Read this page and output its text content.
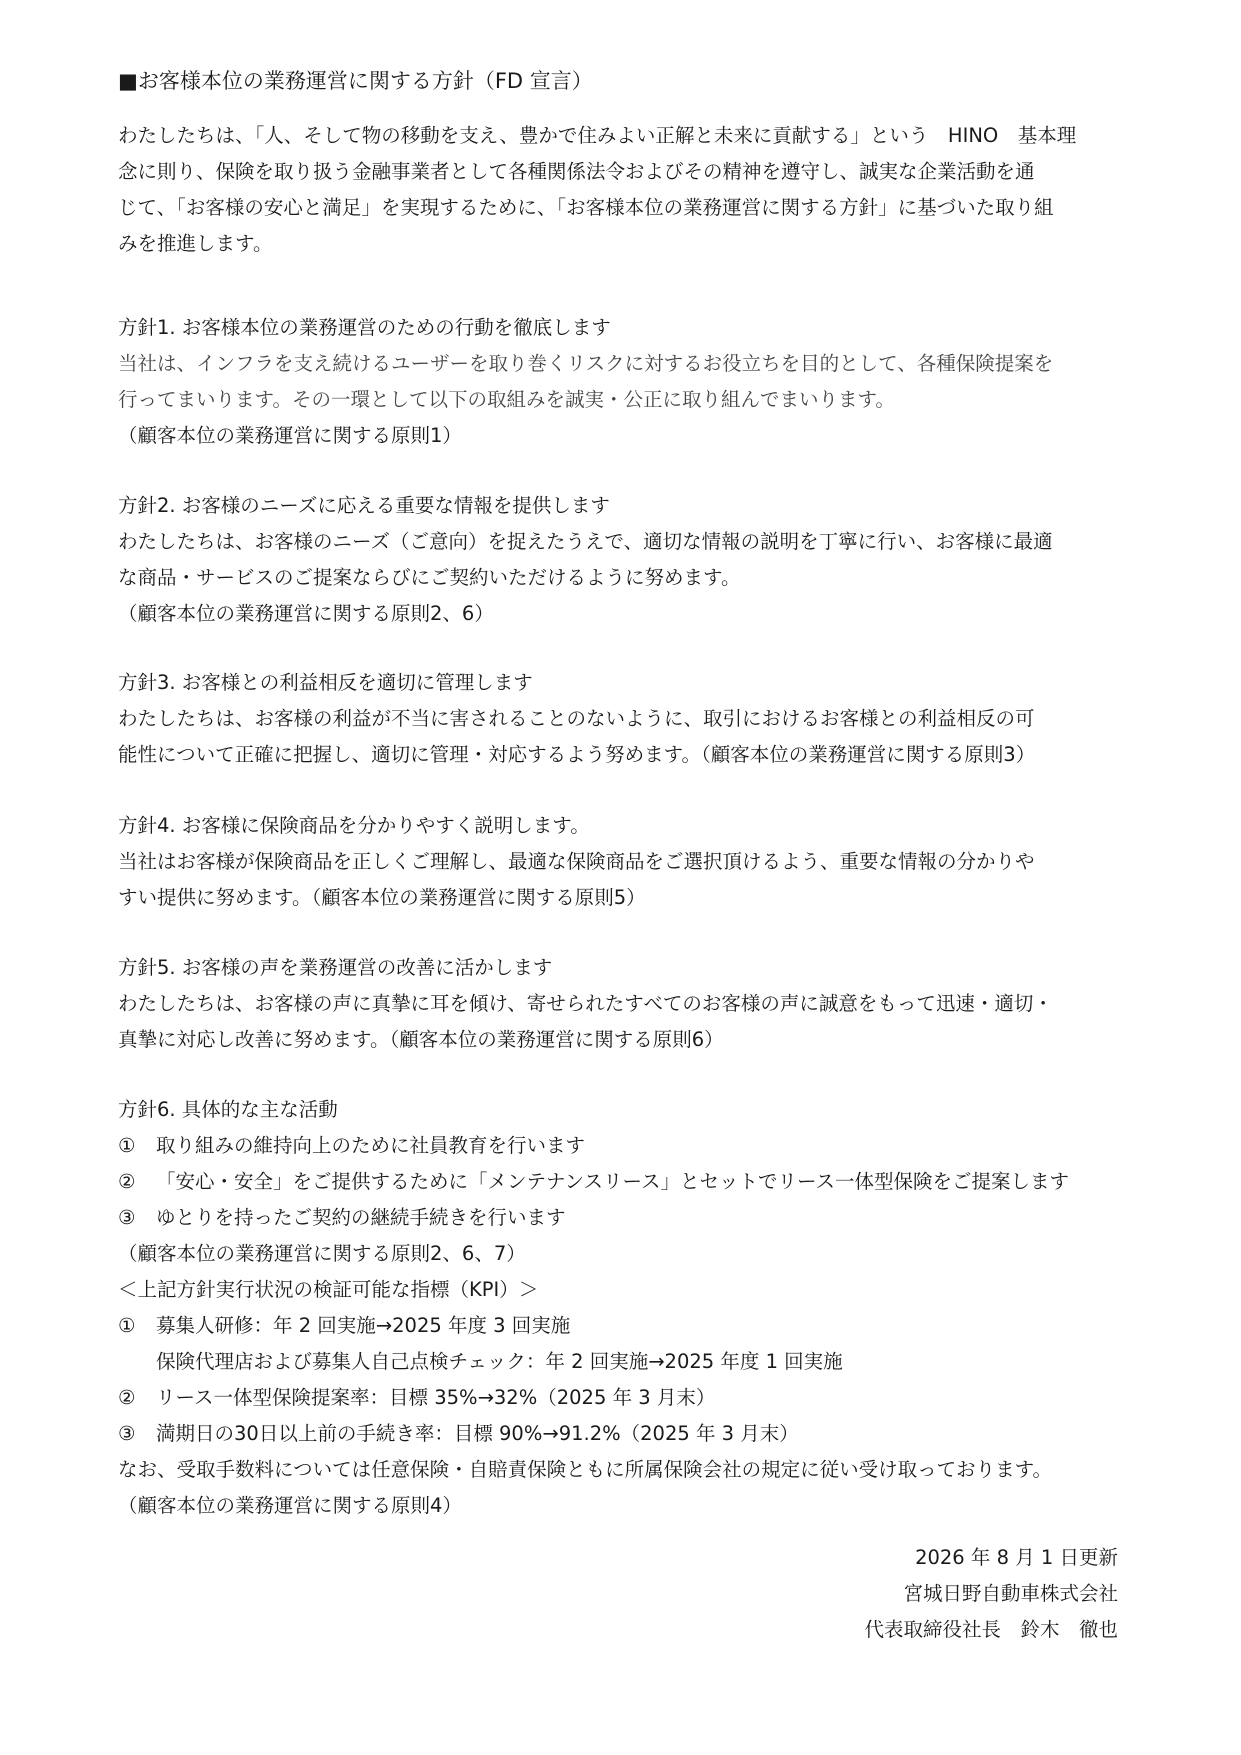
■お客様本位の業務運営に関する方針（FD 宣言）
わたしたちは、「人、そして物の移動を支え、豊かで住みよい正解と未来に貢献する」という　HINO　基本理
念に則り、保険を取り扱う金融事業者として各種関係法令およびその精神を遵守し、誠実な企業活動を通
じて、「お客様の安心と満足」を実現するために、「お客様本位の業務運営に関する方針」に基づいた取り組
みを推進します。
方針1. お客様本位の業務運営のための行動を徹底します
当社は、インフラを支え続けるユーザーを取り巻くリスクに対するお役立ちを目的として、各種保険提案を
行ってまいります。その一環として以下の取組みを誠実・公正に取り組んでまいります。
（顧客本位の業務運営に関する原則1）
方針2. お客様のニーズに応える重要な情報を提供します
わたしたちは、お客様のニーズ（ご意向）を捉えたうえで、適切な情報の説明を丁寧に行い、お客様に最適
な商品・サービスのご提案ならびにご契約いただけるように努めます。
（顧客本位の業務運営に関する原則2、6）
方針3. お客様との利益相反を適切に管理します
わたしたちは、お客様の利益が不当に害されることのないように、取引におけるお客様との利益相反の可
能性について正確に把握し、適切に管理・対応するよう努めます。（顧客本位の業務運営に関する原則3）
方針4. お客様に保険商品を分かりやすく説明します。
当社はお客様が保険商品を正しくご理解し、最適な保険商品をご選択頂けるよう、重要な情報の分かりや
すい提供に努めます。（顧客本位の業務運営に関する原則5）
方針5. お客様の声を業務運営の改善に活かします
わたしたちは、お客様の声に真摯に耳を傾け、寄せられたすべてのお客様の声に誠意をもって迅速・適切・
真摯に対応し改善に努めます。（顧客本位の業務運営に関する原則6）
方針6. 具体的な主な活動
① 取り組みの維持向上のために社員教育を行います
② 「安心・安全」をご提供するために「メンテナンスリース」とセットでリース一体型保険をご提案します
③ ゆとりを持ったご契約の継続手続きを行います
（顧客本位の業務運営に関する原則2、6、7）
＜上記方針実行状況の検証可能な指標（KPI）＞
① 募集人研修：年 2 回実施→2025 年度 3 回実施
保険代理店および募集人自己点検チェック：年 2 回実施→2025 年度 1 回実施
② リース一体型保険提案率：目標 35%→32%（2025 年 3 月末）
③ 満期日の30日以上前の手続き率：目標 90%→91.2%（2025 年 3 月末）
なお、受取手数料については任意保険・自賠責保険ともに所属保険会社の規定に従い受け取っております。
（顧客本位の業務運営に関する原則4）
2026 年 8 月 1 日更新
宮城日野自動車株式会社
代表取締役社長　鈴木　徹也
